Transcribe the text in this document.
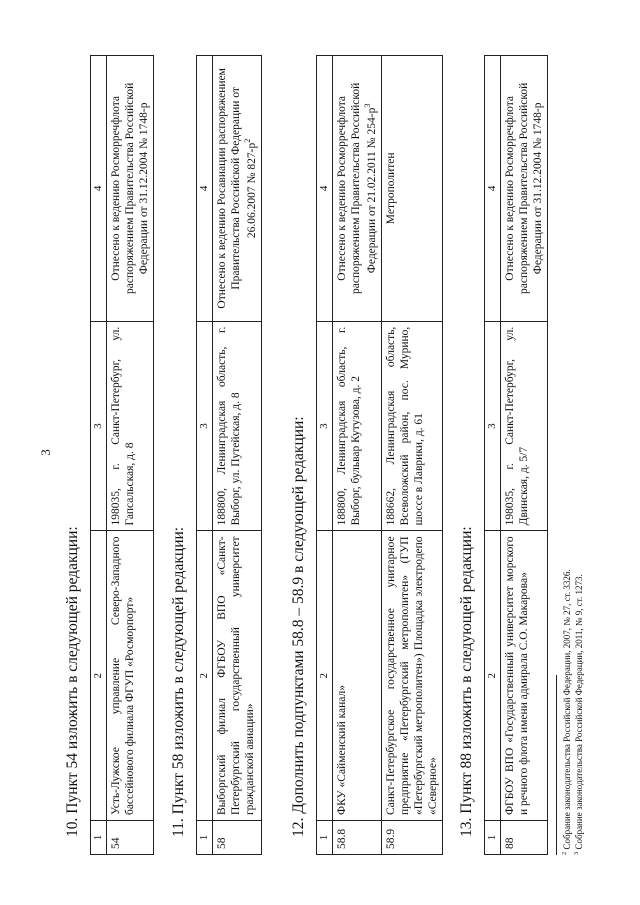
3

10. Пункт 54 изложить в следующей редакции:

1	2	3	4
54	Усть-Лужское управление Северо-Западного бассейнового филиала ФГУП «Росморпорт»	198035, г. Санкт-Петербург, ул. Гапсальская, д. 8	Отнесено к ведению Росморречфлота распоряжением Правительства Российской Федерации от 31.12.2004 № 1748-р

11. Пункт 58 изложить в следующей редакции:

1	2	3	4
58	Выборгский филиал ФГБОУ ВПО «Санкт-Петербургский государственный университет гражданской авиации»	188800, Ленинградская область, г. Выборг, ул. Путейская, д. 8	Отнесено к ведению Росавиации распоряжением Правительства Российской Федерации от 26.06.2007 № $827-р^2$

12. Дополнить подпунктами 58.8 – 58.9 в следующей редакции:

1	2	3	4
58.8	ФКУ «Сайменский канал»	188800, Ленинградская область, г. Выборг, бульвар Кутузова, д. 2	Отнесено к ведению Росморречфлота распоряжением Правительства Российской Федерации от 21.02.2011 № $254-р^3$
58.9	Санкт-Петербургское государственное унитарное предприятие «Петербургский метрополитен» (ГУП «Петербургский метрополитен») Площадка электродепо «Северное»	188662, Ленинградская область, Всеволожский район, пос. Мурино, шоссе в Лаврики, д. 61	Метрополитен

13. Пункт 88 изложить в следующей редакции:

1	2	3	4
88	ФГБОУ ВПО «Государственный университет морского и речного флота имени адмирала С.О. Макарова»	198035, г. Санкт-Петербург, ул. Двинская, д. 5/7	Отнесено к ведению Росморречфлота распоряжением Правительства Российской Федерации от 31.12.2004 № 1748-р
$^2$ Собрание законодательства Российской Федерации, 2007, № 27, ст. 3326.
$^3$ Собрание законодательства Российской Федерации, 2011, № 9, ст. 1273.
